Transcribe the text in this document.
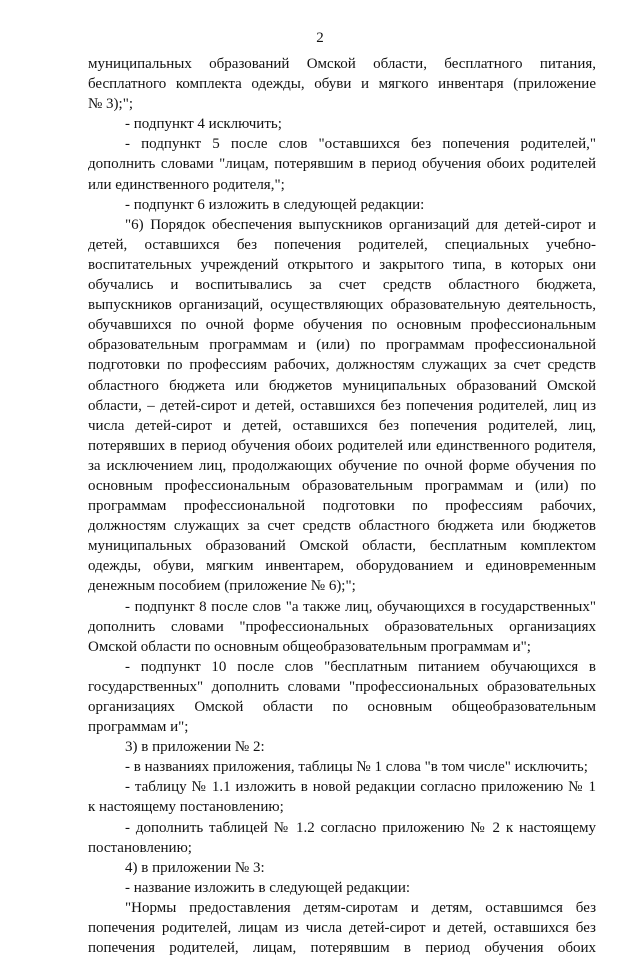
2
муниципальных образований Омской области, бесплатного питания,
бесплатного комплекта одежды, обуви и мягкого инвентаря (приложение
№ 3);";
- подпункт 4 исключить;
- подпункт 5 после слов "оставшихся без попечения родителей,"
дополнить словами "лицам, потерявшим в период обучения обоих родителей
или единственного родителя,";
- подпункт 6 изложить в следующей редакции:
"6) Порядок обеспечения выпускников организаций для детей-сирот и
детей, оставшихся без попечения родителей, специальных учебно-
воспитательных учреждений открытого и закрытого типа, в которых они
обучались и воспитывались за счет средств областного бюджета,
выпускников организаций, осуществляющих образовательную деятельность,
обучавшихся по очной форме обучения по основным профессиональным
образовательным программам и (или) по программам профессиональной
подготовки по профессиям рабочих, должностям служащих за счет средств
областного бюджета или бюджетов муниципальных образований Омской
области, – детей-сирот и детей, оставшихся без попечения родителей, лиц из
числа детей-сирот и детей, оставшихся без попечения родителей, лиц,
потерявших в период обучения обоих родителей или единственного родителя,
за исключением лиц, продолжающих обучение по очной форме обучения по
основным профессиональным образовательным программам и (или) по
программам профессиональной подготовки по профессиям рабочих,
должностям служащих за счет средств областного бюджета или бюджетов
муниципальных образований Омской области, бесплатным комплектом
одежды, обуви, мягким инвентарем, оборудованием и единовременным
денежным пособием (приложение № 6);";
- подпункт 8 после слов "а также лиц, обучающихся в государственных"
дополнить словами "профессиональных образовательных организациях
Омской области по основным общеобразовательным программам и";
- подпункт 10 после слов "бесплатным питанием обучающихся в
государственных" дополнить словами "профессиональных образовательных
организациях Омской области по основным общеобразовательным
программам и";
3) в приложении № 2:
- в названиях приложения, таблицы № 1 слова "в том числе" исключить;
- таблицу № 1.1 изложить в новой редакции согласно приложению № 1
к настоящему постановлению;
- дополнить таблицей № 1.2 согласно приложению № 2 к настоящему
постановлению;
4) в приложении № 3:
- название изложить в следующей редакции:
"Нормы предоставления детям-сиротам и детям, оставшимся без
попечения родителей, лицам из числа детей-сирот и детей, оставшихся без
попечения родителей, лицам, потерявшим в период обучения обоих
